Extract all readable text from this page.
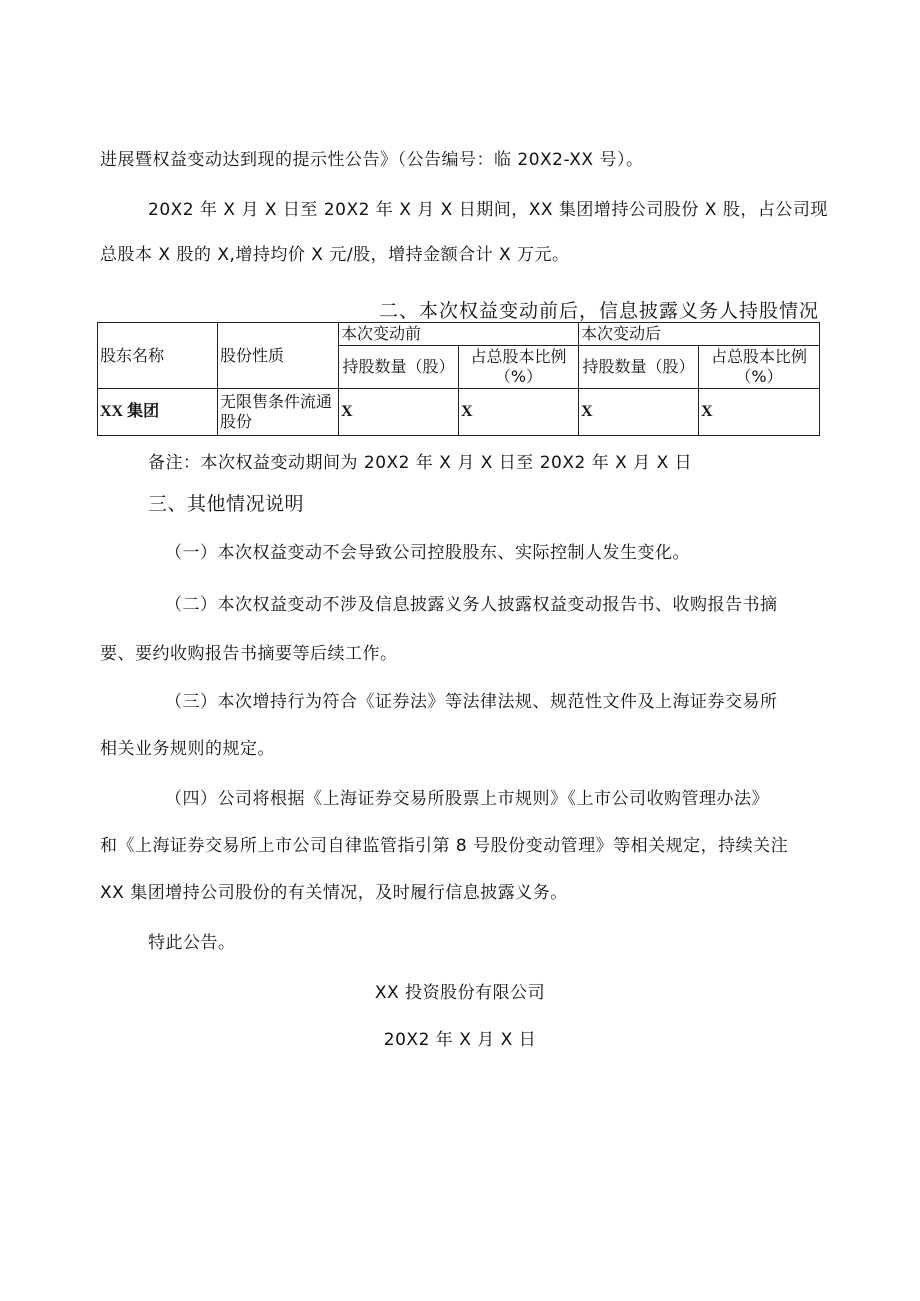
进展暨权益变动达到现的提示性公告》（公告编号：临 20X2-XX 号）。
20X2 年 X 月 X 日至 20X2 年 X 月 X 日期间，XX 集团增持公司股份 X 股，占公司现
总股本 X 股的 X,增持均价 X 元/股，增持金额合计 X 万元。
二、本次权益变动前后，信息披露义务人持股情况
股东名称	股份性质	本次变动前		本次变动后	
		持股数量（股）	占总股本比例（%）	持股数量（股）	占总股本比例（%）
XX 集团	无限售条件流通股份	X	X	X	X
备注：本次权益变动期间为 20X2 年 X 月 X 日至 20X2 年 X 月 X 日
三、其他情况说明
（一）本次权益变动不会导致公司控股股东、实际控制人发生变化。
（二）本次权益变动不涉及信息披露义务人披露权益变动报告书、收购报告书摘
要、要约收购报告书摘要等后续工作。
（三）本次增持行为符合《证券法》等法律法规、规范性文件及上海证券交易所
相关业务规则的规定。
（四）公司将根据《上海证券交易所股票上市规则》《上市公司收购管理办法》
和《上海证券交易所上市公司自律监管指引第 8 号股份变动管理》等相关规定，持续关注
XX 集团增持公司股份的有关情况，及时履行信息披露义务。
特此公告。
XX 投资股份有限公司
20X2 年 X 月 X 日
